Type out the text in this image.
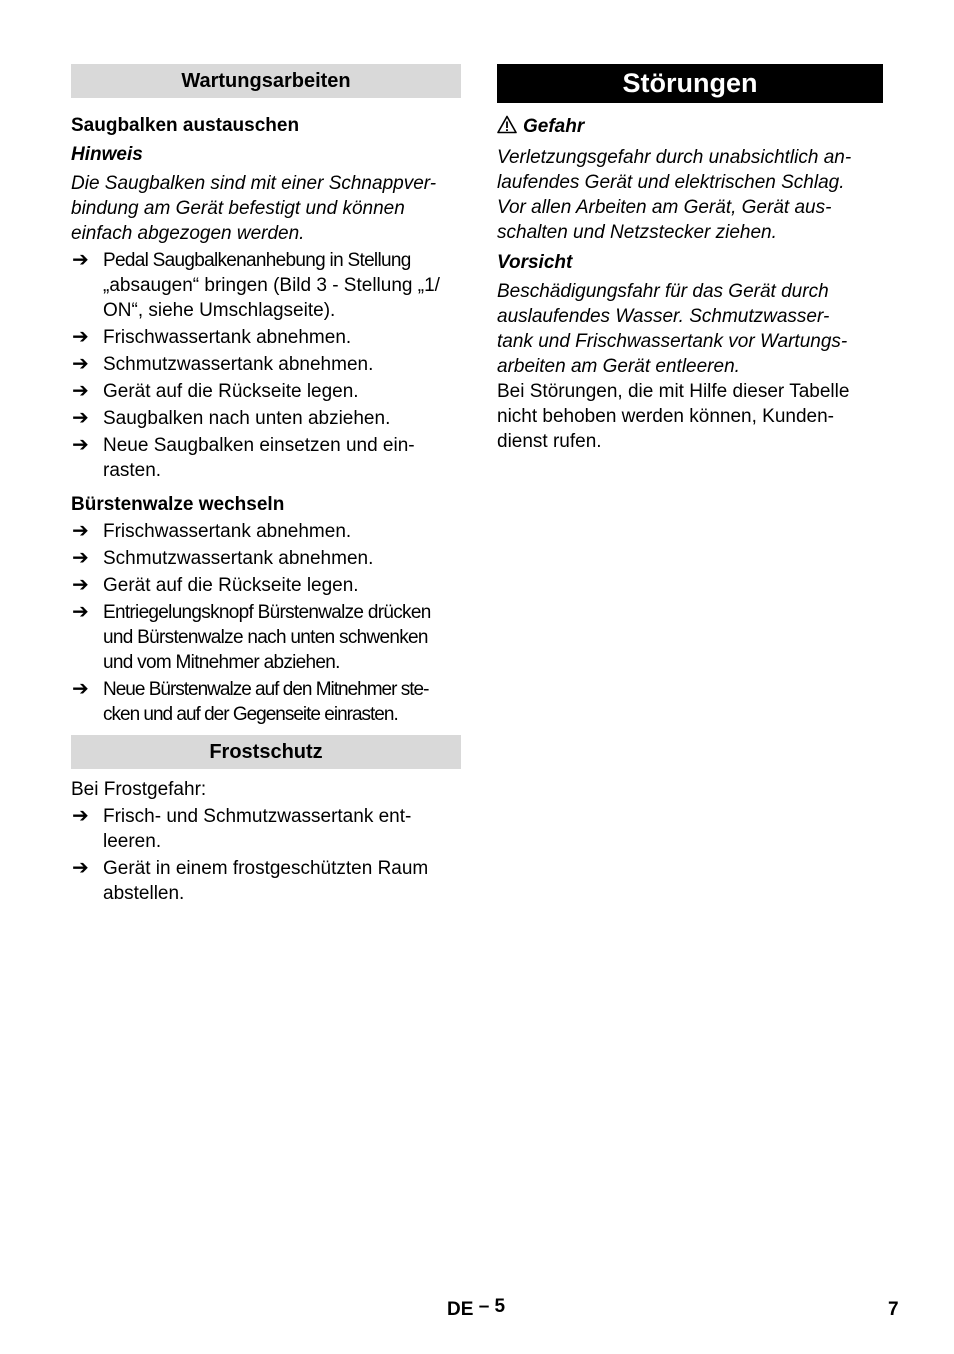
Wartungsarbeiten
Saugbalken austauschen
Hinweis

Die Saugbalken sind mit einer Schnappver-

bindung am Gerät befestigt und können

einfach abgezogen werden.

➔ Pedal Saugbalkenanhebung in Stellung

„absaugen“ bringen (Bild 3 - Stellung „1/

ON“, siehe Umschlagseite).

➔ Frischwassertank abnehmen.

➔ Schmutzwassertank abnehmen.

➔ Gerät auf die Rückseite legen.

➔ Saugbalken nach unten abziehen.

➔ Neue Saugbalken einsetzen und ein-

rasten.

Bürstenwalze wechseln
➔ Frischwassertank abnehmen.

➔ Schmutzwassertank abnehmen.

➔ Gerät auf die Rückseite legen.

➔ Entriegelungsknopf Bürstenwalze drücken

und Bürstenwalze nach unten schwenken

und vom Mitnehmer abziehen.

➔ Neue Bürstenwalze auf den Mitnehmer ste-

cken und auf der Gegenseite einrasten.

Frostschutz

Bei Frostgefahr:

➔ Frisch- und Schmutzwassertank ent-

leeren.

➔ Gerät in einem frostgeschützten Raum

abstellen.

Störungen
Gefahr

Verletzungsgefahr durch unabsichtlich an-

laufendes Gerät und elektrischen Schlag.

Vor allen Arbeiten am Gerät, Gerät aus-

schalten und Netzstecker ziehen.

Vorsicht

Beschädigungsfahr für das Gerät durch

auslaufendes Wasser. Schmutzwasser-

tank und Frischwassertank vor Wartungs-

arbeiten am Gerät entleeren.

Bei Störungen, die mit Hilfe dieser Tabelle

nicht behoben werden können, Kunden-

dienst rufen.

DE – 5	7
